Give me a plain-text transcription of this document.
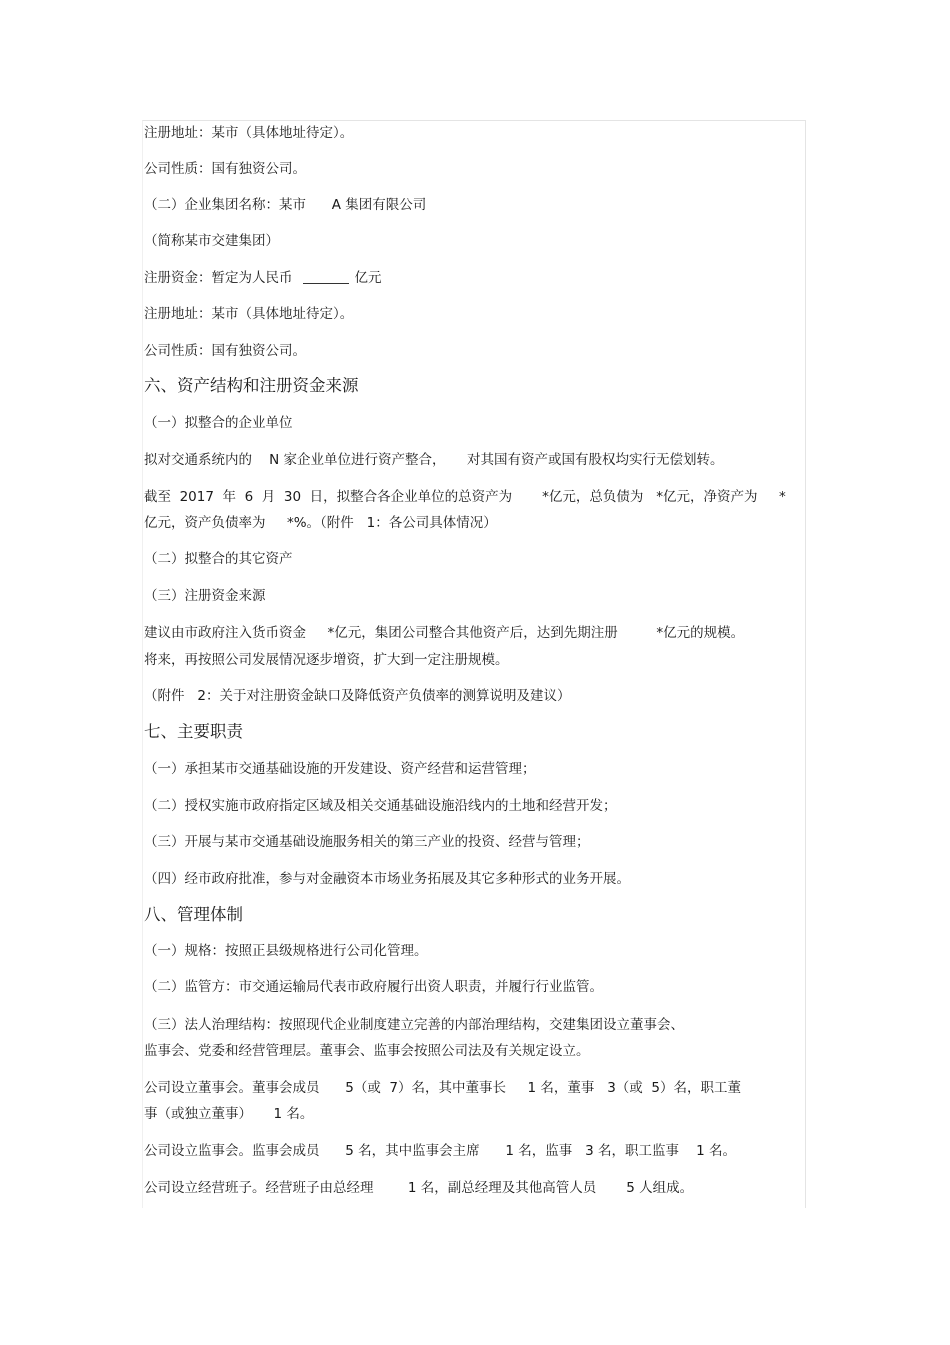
注册地址：某市（具体地址待定）。
公司性质：国有独资公司。
（二）企业集团名称：某市      A 集团有限公司
（简称某市交建集团）
注册资金：暂定为人民币	亿元
注册地址：某市（具体地址待定）。
公司性质：国有独资公司。
六、资产结构和注册资金来源
（一）拟整合的企业单位
拟对交通系统内的    N 家企业单位进行资产整合，     对其国有资产或国有股权均实行无偿划转。
截至  2017  年  6  月  30  日，拟整合各企业单位的总资产为       *亿元，总负债为   *亿元，净资产为     *
亿元，资产负债率为     *%。（附件   1：各公司具体情况）
（二）拟整合的其它资产
（三）注册资金来源
建议由市政府注入货币资金     *亿元，集团公司整合其他资产后，达到先期注册         *亿元的规模。
将来，再按照公司发展情况逐步增资，扩大到一定注册规模。
（附件   2：关于对注册资金缺口及降低资产负债率的测算说明及建议）
七、主要职责
（一）承担某市交通基础设施的开发建设、资产经营和运营管理；
（二）授权实施市政府指定区域及相关交通基础设施沿线内的土地和经营开发；
（三）开展与某市交通基础设施服务相关的第三产业的投资、经营与管理；
（四）经市政府批准，参与对金融资本市场业务拓展及其它多种形式的业务开展。
八、管理体制
（一）规格：按照正县级规格进行公司化管理。
（二）监管方：市交通运输局代表市政府履行出资人职责，并履行行业监管。
（三）法人治理结构：按照现代企业制度建立完善的内部治理结构，交建集团设立董事会、
监事会、党委和经营管理层。董事会、监事会按照公司法及有关规定设立。
公司设立董事会。董事会成员      5（或  7）名，其中董事长     1 名，董事   3（或  5）名，职工董
事（或独立董事）     1 名。
公司设立监事会。监事会成员      5 名，其中监事会主席      1 名，监事   3 名，职工监事    1 名。
公司设立经营班子。经营班子由总经理        1 名，副总经理及其他高管人员       5 人组成。
